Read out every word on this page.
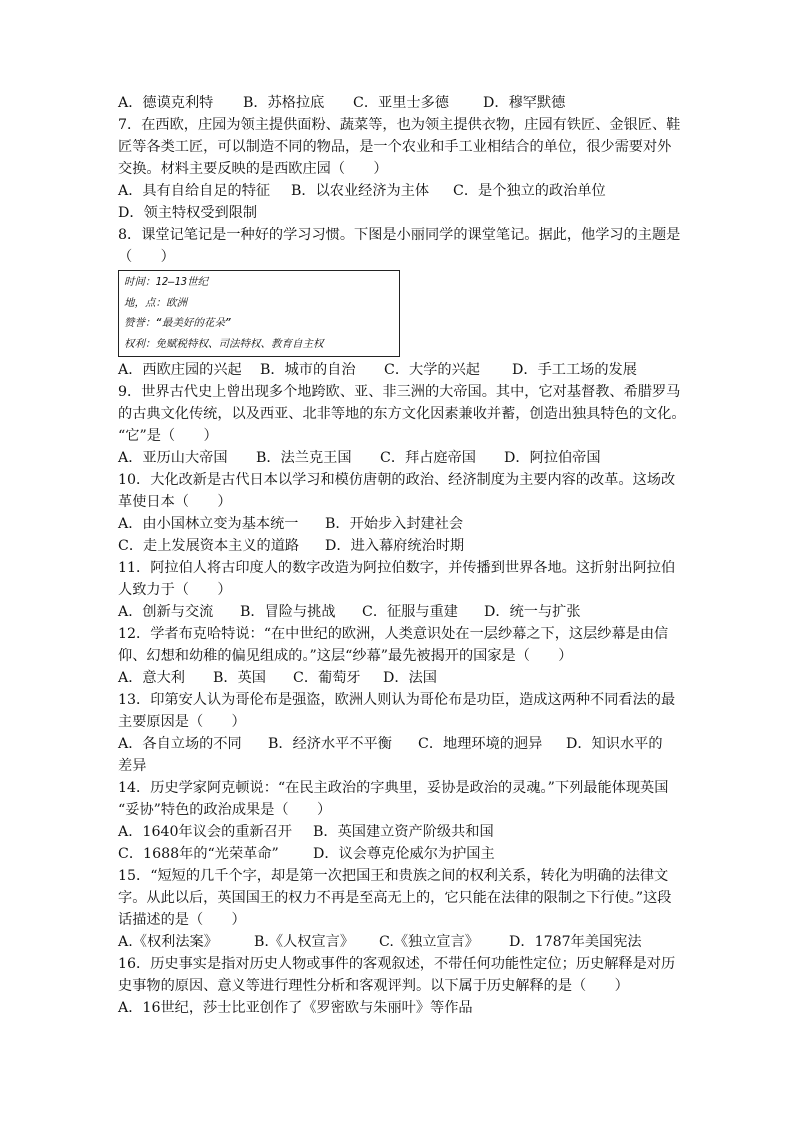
A．德谟克利特	B．苏格拉底	C．亚里士多德	D．穆罕默德
7．在西欧，庄园为领主提供面粉、蔬菜等，也为领主提供衣物，庄园有铁匠、金银匠、鞋
匠等各类工匠，可以制造不同的物品，是一个农业和手工业相结合的单位，很少需要对外
交换。材料主要反映的是西欧庄园（　　）
A．具有自给自足的特征	B．以农业经济为主体	C．是个独立的政治单位
D．领主特权受到限制
8．课堂记笔记是一种好的学习习惯。下图是小丽同学的课堂笔记。据此，他学习的主题是
（　　）
时间：12—13世纪
地，点：欧洲
赞誉：“最美好的花朵”
权利：免赋税特权、司法特权、教育自主权
A．西欧庄园的兴起	B．城市的自治	C．大学的兴起	D．手工工场的发展
9．世界古代史上曾出现多个地跨欧、亚、非三洲的大帝国。其中，它对基督教、希腊罗马
的古典文化传统，以及西亚、北非等地的东方文化因素兼收并蓄，创造出独具特色的文化。
“它”是（　　）
A．亚历山大帝国	B．法兰克王国	C．拜占庭帝国	D．阿拉伯帝国
10．大化改新是古代日本以学习和模仿唐朝的政治、经济制度为主要内容的改革。这场改
革使日本（　　）
A．由小国林立变为基本统一	B．开始步入封建社会
C．走上发展资本主义的道路	D．进入幕府统治时期
11．阿拉伯人将古印度人的数字改造为阿拉伯数字，并传播到世界各地。这折射出阿拉伯
人致力于（　　）
A．创新与交流	B．冒险与挑战	C．征服与重建	D．统一与扩张
12．学者布克哈特说：“在中世纪的欧洲，人类意识处在一层纱幕之下，这层纱幕是由信
仰、幻想和幼稚的偏见组成的。”这层“纱幕”最先被揭开的国家是（　　）
A．意大利	B．英国	C．葡萄牙	D．法国
13．印第安人认为哥伦布是强盗，欧洲人则认为哥伦布是功臣，造成这两种不同看法的最
主要原因是（　　）
A．各自立场的不同	B．经济水平不平衡	C．地理环境的迥异	D．知识水平的
差异
14．历史学家阿克顿说：“在民主政治的字典里，妥协是政治的灵魂。”下列最能体现英国
“妥协”特色的政治成果是（　　）
A．1640年议会的重新召开	B．英国建立资产阶级共和国
C．1688年的“光荣革命”	D．议会尊克伦威尔为护国主
15．“短短的几千个字，却是第一次把国王和贵族之间的权利关系，转化为明确的法律文
字。从此以后，英国国王的权力不再是至高无上的，它只能在法律的限制之下行使。”这段
话描述的是（　　）
A.《权利法案》	B.《人权宣言》	C.《独立宣言》	D．1787年美国宪法
16．历史事实是指对历史人物或事件的客观叙述，不带任何功能性定位；历史解释是对历
史事物的原因、意义等进行理性分析和客观评判。以下属于历史解释的是（　　）
A．16世纪，莎士比亚创作了《罗密欧与朱丽叶》等作品
